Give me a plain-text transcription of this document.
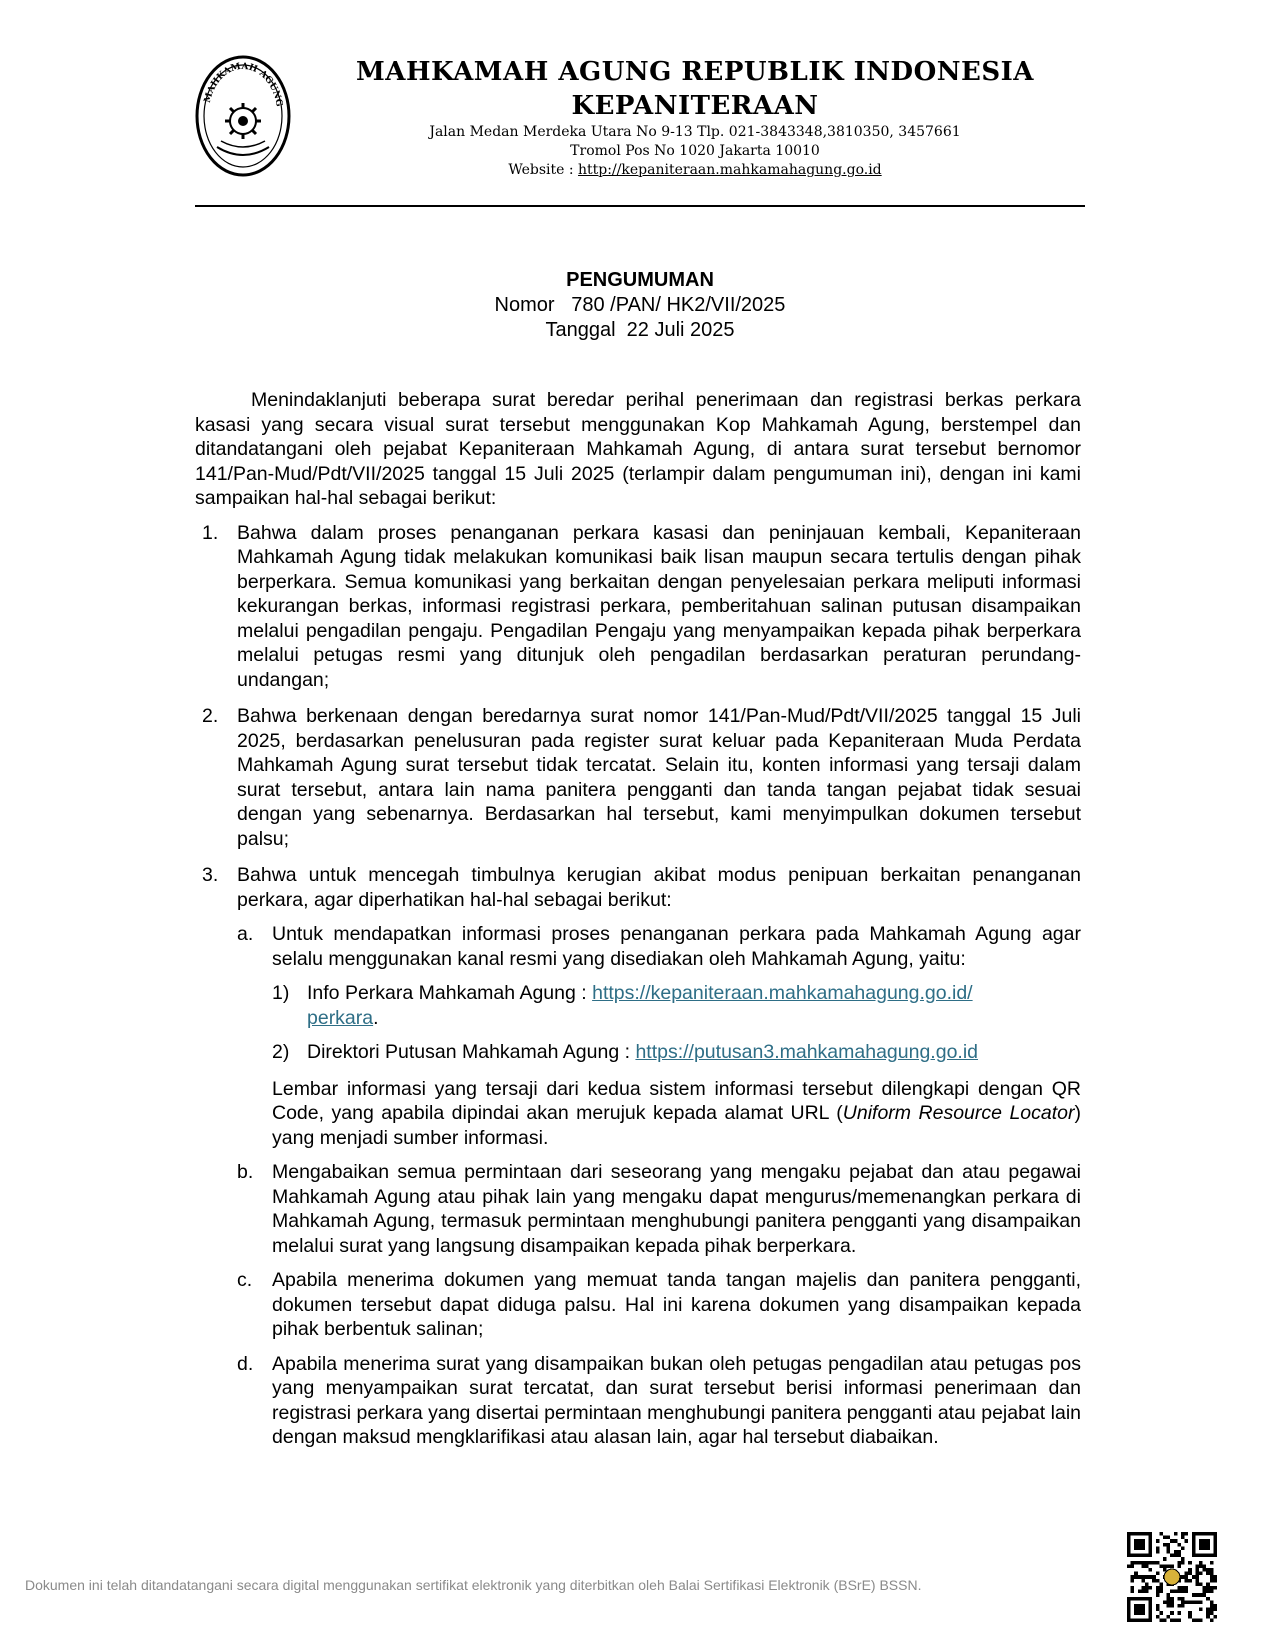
MAHKAMAH AGUNG
MAHKAMAH AGUNG REPUBLIK INDONESIA
KEPANITERAAN
Jalan Medan Merdeka Utara No 9-13 Tlp. 021-3843348,3810350, 3457661
Tromol Pos No 1020 Jakarta 10010
Website : http://kepaniteraan.mahkamahagung.go.id
PENGUMUMAN
Nomor   780 /PAN/ HK2/VII/2025
Tanggal  22 Juli 2025

Menindaklanjuti beberapa surat beredar perihal penerimaan dan registrasi berkas perkara kasasi yang secara visual surat tersebut menggunakan Kop Mahkamah Agung, berstempel dan ditandatangani oleh pejabat Kepaniteraan Mahkamah Agung, di antara surat tersebut bernomor 141/Pan-Mud/Pdt/VII/2025 tanggal 15 Juli 2025 (terlampir dalam pengumuman ini), dengan ini kami sampaikan hal-hal sebagai berikut:

1. Bahwa dalam proses penanganan perkara kasasi dan peninjauan kembali, Kepaniteraan Mahkamah Agung tidak melakukan komunikasi baik lisan maupun secara tertulis dengan pihak berperkara. Semua komunikasi yang berkaitan dengan penyelesaian perkara meliputi informasi kekurangan berkas, informasi registrasi perkara, pemberitahuan salinan putusan disampaikan melalui pengadilan pengaju. Pengadilan Pengaju yang menyampaikan kepada pihak berperkara melalui petugas resmi yang ditunjuk oleh pengadilan berdasarkan peraturan perundang-undangan;
2. Bahwa berkenaan dengan beredarnya surat nomor 141/Pan-Mud/Pdt/VII/2025 tanggal 15 Juli 2025, berdasarkan penelusuran pada register surat keluar pada Kepaniteraan Muda Perdata Mahkamah Agung surat tersebut tidak tercatat. Selain itu, konten informasi yang tersaji dalam surat tersebut, antara lain nama panitera pengganti dan tanda tangan pejabat tidak sesuai dengan yang sebenarnya. Berdasarkan hal tersebut, kami menyimpulkan dokumen tersebut palsu;
3. Bahwa untuk mencegah timbulnya kerugian akibat modus penipuan berkaitan penanganan perkara, agar diperhatikan hal-hal sebagai berikut:
a. Untuk mendapatkan informasi proses penanganan perkara pada Mahkamah Agung agar selalu menggunakan kanal resmi yang disediakan oleh Mahkamah Agung, yaitu:
1) Info Perkara Mahkamah Agung : https://kepaniteraan.mahkamahagung.go.id/
perkara.
2) Direktori Putusan Mahkamah Agung : https://putusan3.mahkamahagung.go.id
Lembar informasi yang tersaji dari kedua sistem informasi tersebut dilengkapi dengan QR Code, yang apabila dipindai akan merujuk kepada alamat URL (Uniform Resource Locator) yang menjadi sumber informasi.
b. Mengabaikan semua permintaan dari seseorang yang mengaku pejabat dan atau pegawai Mahkamah Agung atau pihak lain yang mengaku dapat mengurus/memenangkan perkara di Mahkamah Agung, termasuk permintaan menghubungi panitera pengganti yang disampaikan melalui surat yang langsung disampaikan kepada pihak berperkara.
c. Apabila menerima dokumen yang memuat tanda tangan majelis dan panitera pengganti, dokumen tersebut dapat diduga palsu. Hal ini karena dokumen yang disampaikan kepada pihak berbentuk salinan;
d. Apabila menerima surat yang disampaikan bukan oleh petugas pengadilan atau petugas pos yang menyampaikan surat tercatat, dan surat tersebut berisi informasi penerimaan dan registrasi perkara yang disertai permintaan menghubungi panitera pengganti atau pejabat lain dengan maksud mengklarifikasi atau alasan lain, agar hal tersebut diabaikan.
Dokumen ini telah ditandatangani secara digital menggunakan sertifikat elektronik yang diterbitkan oleh Balai Sertifikasi Elektronik (BSrE) BSSN.
